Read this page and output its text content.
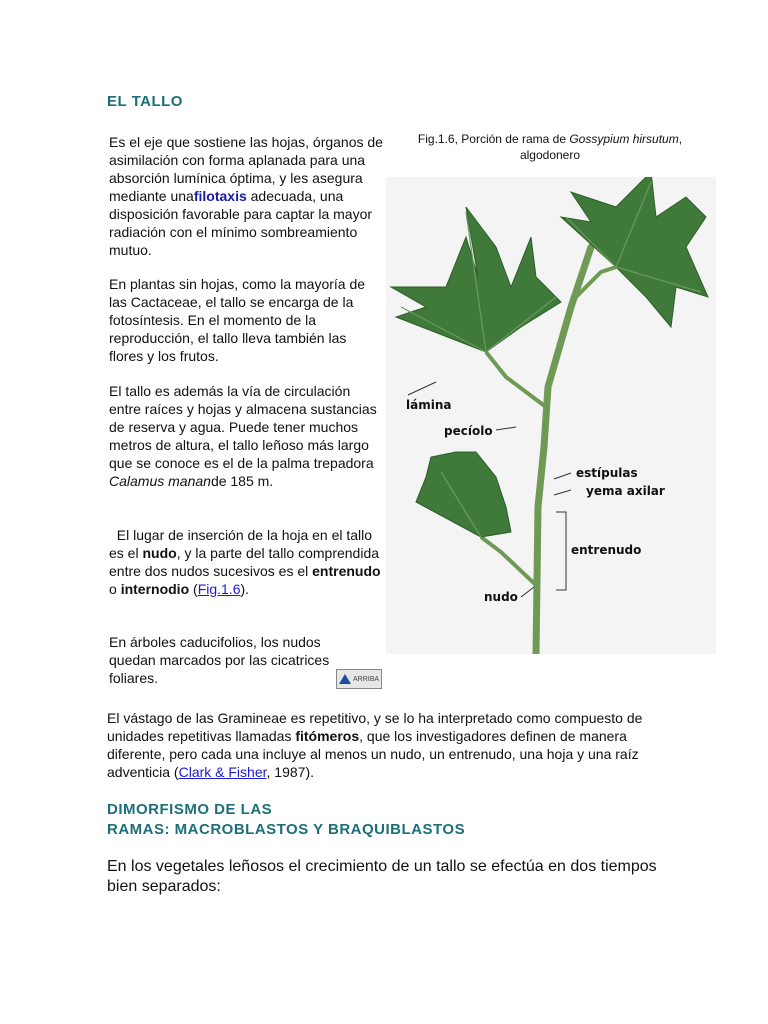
EL TALLO

Es el eje que sostiene las hojas, órganos de asimilación con forma aplanada para una absorción lumínica óptima, y les asegura mediante unafilotaxis adecuada, una disposición favorable para captar la mayor radiación con el mínimo sombreamiento mutuo.

En plantas sin hojas, como la mayoría de las Cactaceae, el tallo se encarga de la fotosíntesis. En el momento de la reproducción, el tallo lleva también las flores y los frutos.

El tallo es además la vía de circulación entre raíces y hojas y almacena sustancias de reserva y agua. Puede tener muchos metros de altura, el tallo leñoso más largo que se conoce es el de la palma trepadora Calamus manande 185 m.

El lugar de inserción de la hoja en el tallo es el nudo, y la parte del tallo comprendida entre dos nudos sucesivos es el entrenudo o internodio (Fig.1.6).

En árboles caducifolios, los nudos quedan marcados por las cicatrices foliares.

Fig.1.6, Porción de rama de Gossypium hirsutum,
algodonero
lámina
pecíolo
estípulas
yema axilar
entrenudo
nudo
ARRIBA

El vástago de las Gramineae es repetitivo, y se lo ha interpretado como compuesto de unidades repetitivas llamadas fitómeros, que los investigadores definen de manera diferente, pero cada una incluye al menos un nudo, un entrenudo, una hoja y una raíz adventicia (Clark & Fisher, 1987).

DIMORFISMO DE LAS
RAMAS: MACROBLASTOS Y BRAQUIBLASTOS

En los vegetales leñosos el crecimiento de un tallo se efectúa en dos tiempos bien separados:
